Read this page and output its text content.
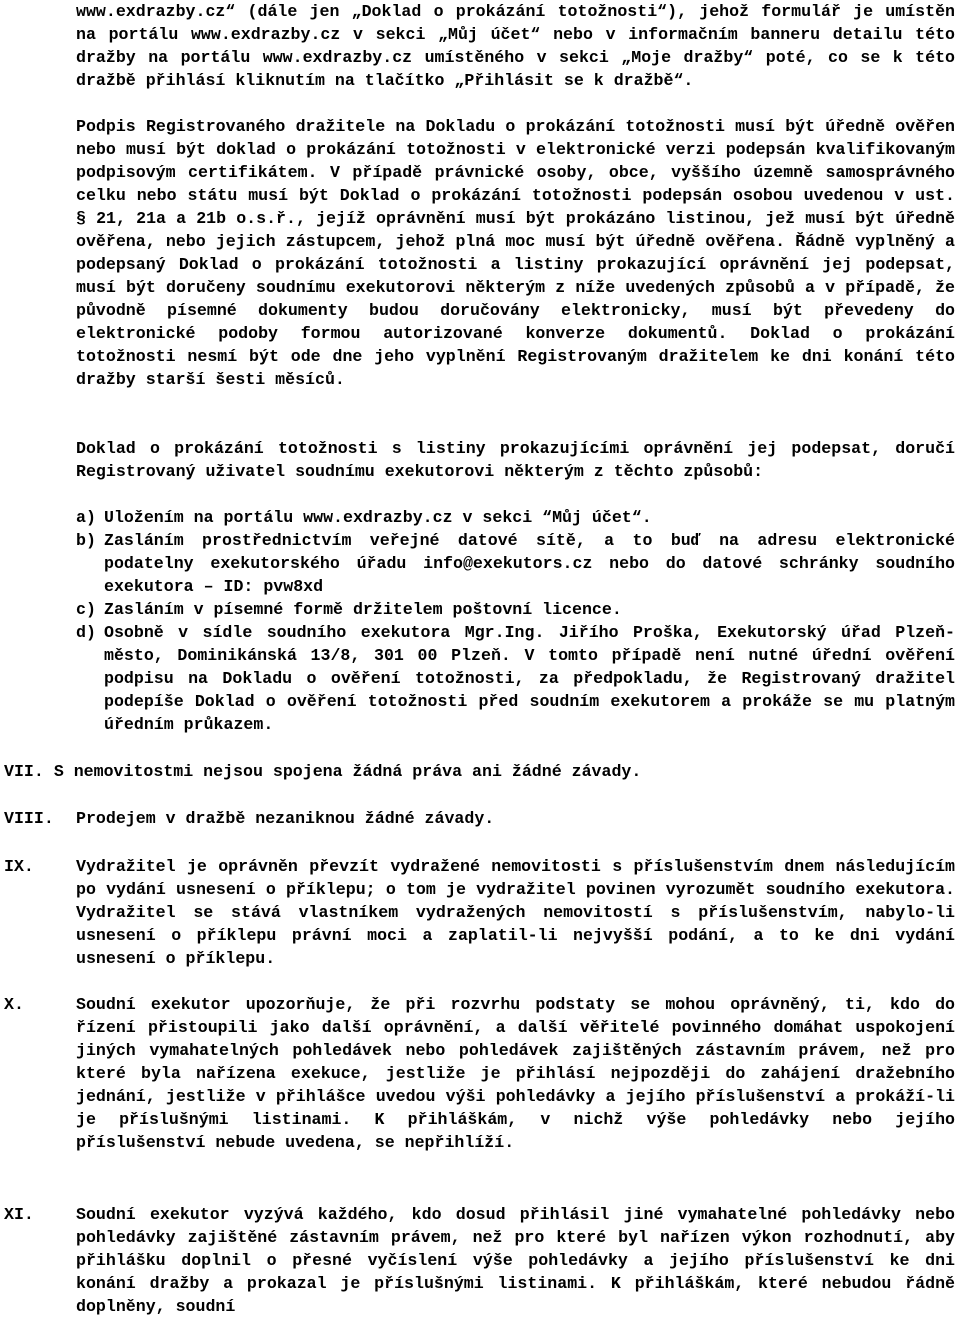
www.exdrazby.cz“ (dále jen „Doklad o prokázání totožnosti“), jehož formulář je umístěn na portálu www.exdrazby.cz v sekci „Můj účet“ nebo v informačním banneru detailu této dražby na portálu www.exdrazby.cz umístěného v sekci „Moje dražby“ poté, co se k této dražbě přihlásí kliknutím na tlačítko „Přihlásit se k dražbě“.

Podpis Registrovaného dražitele na Dokladu o prokázání totožnosti musí být úředně ověřen nebo musí být doklad o prokázání totožnosti v elektronické verzi podepsán kvalifikovaným podpisovým certifikátem. V případě právnické osoby, obce, vyššího územně samosprávného celku nebo státu musí být Doklad o prokázání totožnosti podepsán osobou uvedenou v ust. § 21, 21a a 21b o.s.ř., jejíž oprávnění musí být prokázáno listinou, jež musí být úředně ověřena, nebo jejich zástupcem, jehož plná moc musí být úředně ověřena. Řádně vyplněný a podepsaný Doklad o prokázání totožnosti a listiny prokazující oprávnění jej podepsat, musí být doručeny soudnímu exekutorovi některým z níže uvedených způsobů a v případě, že původně písemné dokumenty budou doručovány elektronicky, musí být převedeny do elektronické podoby formou autorizované konverze dokumentů. Doklad o prokázání totožnosti nesmí být ode dne jeho vyplnění Registrovaným dražitelem ke dni konání této dražby starší šesti měsíců.

Doklad o prokázání totožnosti s listiny prokazujícími oprávnění jej podepsat, doručí Registrovaný uživatel soudnímu exekutorovi některým z těchto způsobů:

a) Uložením na portálu www.exdrazby.cz v sekci “Můj účet“.
b) Zasláním prostřednictvím veřejné datové sítě, a to buď na adresu elektronické podatelny exekutorského úřadu info@exekutors.cz nebo do datové schránky soudního exekutora – ID: pvw8xd
c) Zasláním v písemné formě držitelem poštovní licence.
d) Osobně v sídle soudního exekutora Mgr.Ing. Jiřího Proška, Exekutorský úřad Plzeň-město, Dominikánská 13/8, 301 00 Plzeň. V tomto případě není nutné úřední ověření podpisu na Dokladu o ověření totožnosti, za předpokladu, že Registrovaný dražitel podepíše Doklad o ověření totožnosti před soudním exekutorem a prokáže se mu platným úředním průkazem.
VII. S nemovitostmi nejsou spojena žádná práva ani žádné závady.
VIII.	Prodejem v dražbě nezaniknou žádné závady.
IX.	Vydražitel je oprávněn převzít vydražené nemovitosti s příslušenstvím dnem následujícím po vydání usnesení o příklepu; o tom je vydražitel povinen vyrozumět soudního exekutora. Vydražitel se stává vlastníkem vydražených nemovitostí s příslušenstvím, nabylo-li usnesení o příklepu právní moci a zaplatil-li nejvyšší podání, a to ke dni vydání usnesení o příklepu.
X.	Soudní exekutor upozorňuje, že při rozvrhu podstaty se mohou oprávněný, ti, kdo do řízení přistoupili jako další oprávnění, a další věřitelé povinného domáhat uspokojení jiných vymahatelných pohledávek nebo pohledávek zajištěných zástavním právem, než pro které byla nařízena exekuce, jestliže je přihlásí nejpozději do zahájení dražebního jednání, jestliže v přihlášce uvedou výši pohledávky a jejího příslušenství a prokáží-li je příslušnými listinami. K přihláškám, v nichž výše pohledávky nebo jejího příslušenství nebude uvedena, se nepřihlíží.
XI.	Soudní exekutor vyzývá každého, kdo dosud přihlásil jiné vymahatelné pohledávky nebo pohledávky zajištěné zástavním právem, než pro které byl nařízen výkon rozhodnutí, aby přihlášku doplnil o přesné vyčíslení výše pohledávky a jejího příslušenství ke dni konání dražby a prokazal je příslušnými listinami. K přihláškám, které nebudou řádně doplněny, soudní
